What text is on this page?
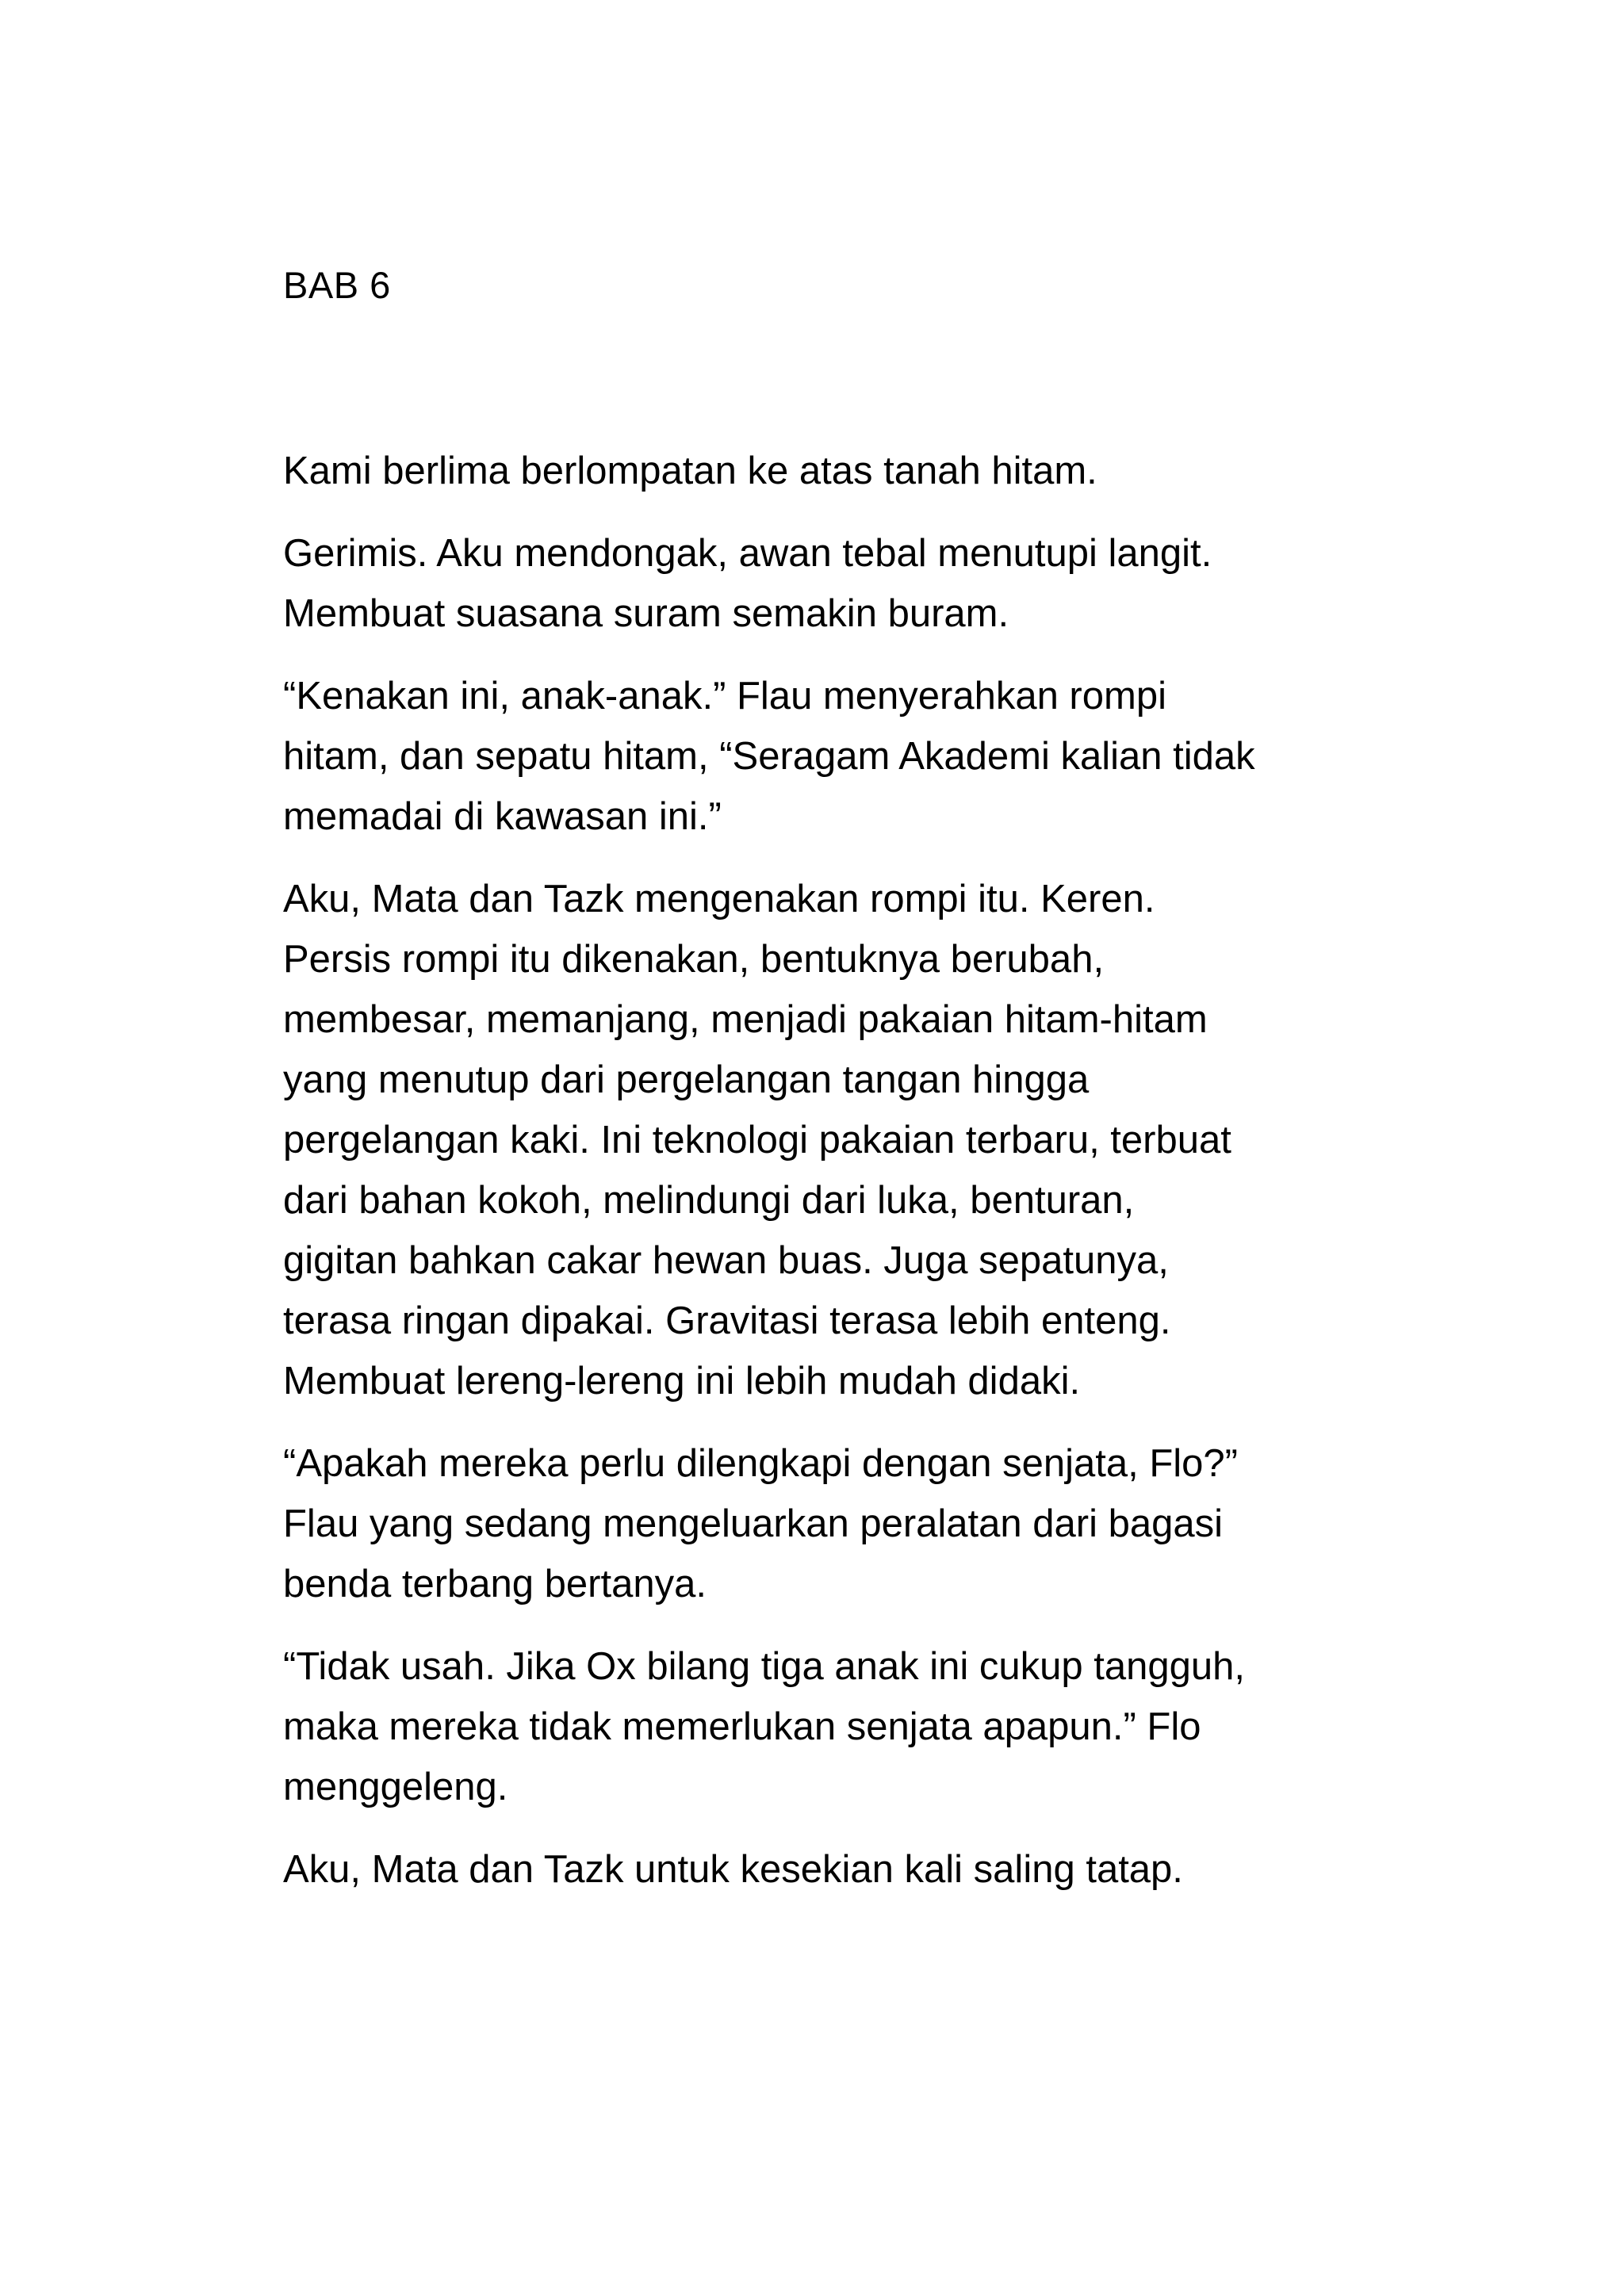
BAB 6

Kami berlima berlompatan ke atas tanah hitam.

Gerimis. Aku mendongak, awan tebal menutupi langit.
Membuat suasana suram semakin buram.

“Kenakan ini, anak-anak.” Flau menyerahkan rompi
hitam, dan sepatu hitam, “Seragam Akademi kalian tidak
memadai di kawasan ini.”

Aku, Mata dan Tazk mengenakan rompi itu. Keren.
Persis rompi itu dikenakan, bentuknya berubah,
membesar, memanjang, menjadi pakaian hitam-hitam
yang menutup dari pergelangan tangan hingga
pergelangan kaki. Ini teknologi pakaian terbaru, terbuat
dari bahan kokoh, melindungi dari luka, benturan,
gigitan bahkan cakar hewan buas. Juga sepatunya,
terasa ringan dipakai. Gravitasi terasa lebih enteng.
Membuat lereng-lereng ini lebih mudah didaki.

“Apakah mereka perlu dilengkapi dengan senjata, Flo?”
Flau yang sedang mengeluarkan peralatan dari bagasi
benda terbang bertanya.

“Tidak usah. Jika Ox bilang tiga anak ini cukup tangguh,
maka mereka tidak memerlukan senjata apapun.” Flo
menggeleng.

Aku, Mata dan Tazk untuk kesekian kali saling tatap.
